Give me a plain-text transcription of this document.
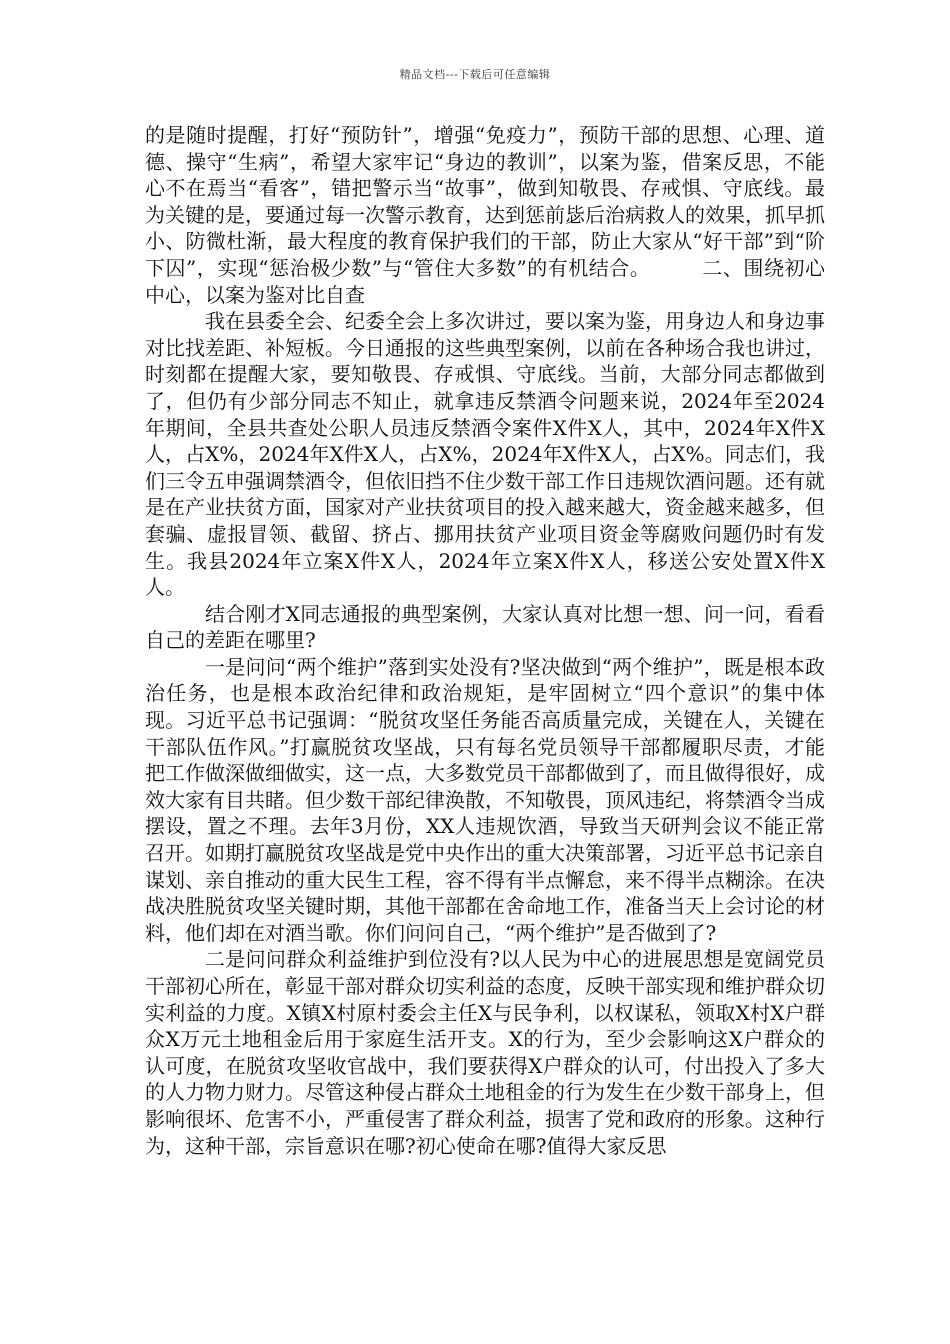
精品文档---下载后可任意编辑

的是随时提醒，打好“预防针”，增强“免疫力”，预防干部的思想、心理、道德、操守“生病”，希望大家牢记“身边的教训”，以案为鉴，借案反思，不能心不在焉当“看客”，错把警示当“故事”，做到知敬畏、存戒惧、守底线。最为关键的是，要通过每一次警示教育，达到惩前毖后治病救人的效果，抓早抓小、防微杜渐，最大程度的教育保护我们的干部，防止大家从“好干部”到“阶下囚”，实现“惩治极少数”与“管住大多数”的有机结合。	二、围绕初心中心，以案为鉴对比自查

我在县委全会、纪委全会上多次讲过，要以案为鉴，用身边人和身边事对比找差距、补短板。今日通报的这些典型案例，以前在各种场合我也讲过，时刻都在提醒大家，要知敬畏、存戒惧、守底线。当前，大部分同志都做到了，但仍有少部分同志不知止，就拿违反禁酒令问题来说，2024年至2024年期间，全县共查处公职人员违反禁酒令案件X件X人，其中，2024年X件X人，占X%，2024年X件X人，占X%，2024年X件X人，占X%。同志们，我们三令五申强调禁酒令，但依旧挡不住少数干部工作日违规饮酒问题。还有就是在产业扶贫方面，国家对产业扶贫项目的投入越来越大，资金越来越多，但套骗、虚报冒领、截留、挤占、挪用扶贫产业项目资金等腐败问题仍时有发生。我县2024年立案X件X人，2024年立案X件X人，移送公安处置X件X人。

结合刚才X同志通报的典型案例，大家认真对比想一想、问一问，看看自己的差距在哪里?

一是问问“两个维护”落到实处没有?坚决做到“两个维护”，既是根本政治任务，也是根本政治纪律和政治规矩，是牢固树立“四个意识”的集中体现。习近平总书记强调：“脱贫攻坚任务能否高质量完成，关键在人，关键在干部队伍作风。”打赢脱贫攻坚战，只有每名党员领导干部都履职尽责，才能把工作做深做细做实，这一点，大多数党员干部都做到了，而且做得很好，成效大家有目共睹。但少数干部纪律涣散，不知敬畏，顶风违纪，将禁酒令当成摆设，置之不理。去年3月份，XX人违规饮酒，导致当天研判会议不能正常召开。如期打赢脱贫攻坚战是党中央作出的重大决策部署，习近平总书记亲自谋划、亲自推动的重大民生工程，容不得有半点懈怠，来不得半点糊涂。在决战决胜脱贫攻坚关键时期，其他干部都在舍命地工作，准备当天上会讨论的材料，他们却在对酒当歌。你们问问自己，“两个维护”是否做到了?

二是问问群众利益维护到位没有?以人民为中心的进展思想是宽阔党员干部初心所在，彰显干部对群众切实利益的态度，反映干部实现和维护群众切实利益的力度。X镇X村原村委会主任X与民争利，以权谋私，领取X村X户群众X万元土地租金后用于家庭生活开支。X的行为，至少会影响这X户群众的认可度，在脱贫攻坚收官战中，我们要获得X户群众的认可，付出投入了多大的人力物力财力。尽管这种侵占群众土地租金的行为发生在少数干部身上，但影响很坏、危害不小，严重侵害了群众利益，损害了党和政府的形象。这种行为，这种干部，宗旨意识在哪?初心使命在哪?值得大家反思
